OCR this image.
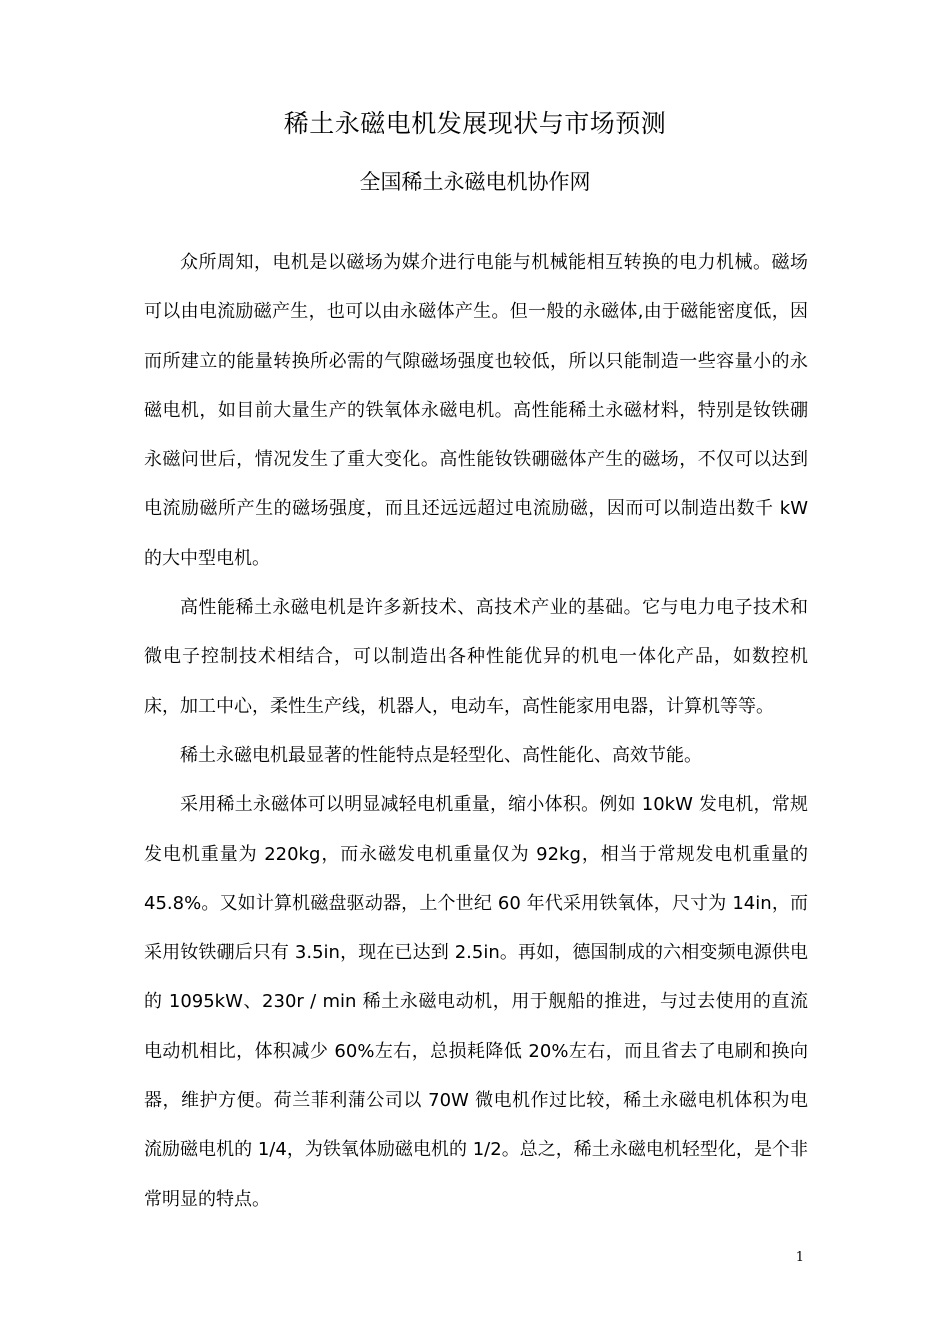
稀土永磁电机发展现状与市场预测
全国稀土永磁电机协作网

众所周知，电机是以磁场为媒介进行电能与机械能相互转换的电力机械。磁场可以由电流励磁产生，也可以由永磁体产生。但一般的永磁体,由于磁能密度低，因而所建立的能量转换所必需的气隙磁场强度也较低，所以只能制造一些容量小的永磁电机，如目前大量生产的铁氧体永磁电机。高性能稀土永磁材料，特别是钕铁硼永磁问世后，情况发生了重大变化。高性能钕铁硼磁体产生的磁场，不仅可以达到电流励磁所产生的磁场强度，而且还远远超过电流励磁，因而可以制造出数千 kW 的大中型电机。

高性能稀土永磁电机是许多新技术、高技术产业的基础。它与电力电子技术和微电子控制技术相结合，可以制造出各种性能优异的机电一体化产品，如数控机床，加工中心，柔性生产线，机器人，电动车，高性能家用电器，计算机等等。

稀土永磁电机最显著的性能特点是轻型化、高性能化、高效节能。

采用稀土永磁体可以明显减轻电机重量，缩小体积。例如 10kW 发电机，常规发电机重量为 220kg，而永磁发电机重量仅为 92kg，相当于常规发电机重量的 45.8%。又如计算机磁盘驱动器，上个世纪 60 年代采用铁氧体，尺寸为 14in，而采用钕铁硼后只有 3.5in，现在已达到 2.5in。再如，德国制成的六相变频电源供电的 1095kW、230r / min 稀土永磁电动机，用于舰船的推进，与过去使用的直流电动机相比，体积减少 60%左右，总损耗降低 20%左右，而且省去了电刷和换向器，维护方便。荷兰菲利蒲公司以 70W 微电机作过比较，稀土永磁电机体积为电流励磁电机的 1/4，为铁氧体励磁电机的 1/2。总之，稀土永磁电机轻型化，是个非常明显的特点。

1
